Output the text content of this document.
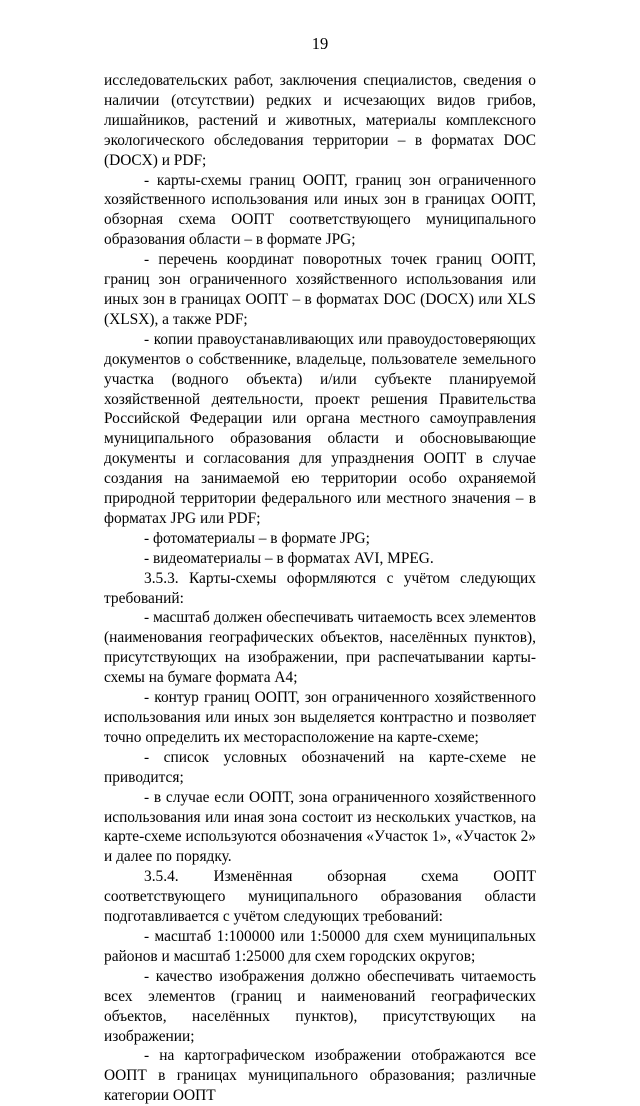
19

исследовательских работ, заключения специалистов, сведения о наличии (отсутствии) редких и исчезающих видов грибов, лишайников, растений и животных, материалы комплексного экологического обследования территории – в форматах DOC (DOCX) и PDF;

- карты-схемы границ ООПТ, границ зон ограниченного хозяйственного использования или иных зон в границах ООПТ, обзорная схема ООПТ соответствующего муниципального образования области – в формате JPG;

- перечень координат поворотных точек границ ООПТ, границ зон ограниченного хозяйственного использования или иных зон в границах ООПТ – в форматах DOC (DOCX) или XLS (XLSX), а также PDF;

- копии правоустанавливающих или правоудостоверяющих документов о собственнике, владельце, пользователе земельного участка (водного объекта) и/или субъекте планируемой хозяйственной деятельности, проект решения Правительства Российской Федерации или органа местного самоуправления муниципального образования области и обосновывающие документы и согласования для упразднения ООПТ в случае создания на занимаемой ею территории особо охраняемой природной территории федерального или местного значения – в форматах JPG или PDF;

- фотоматериалы – в формате JPG;

- видеоматериалы – в форматах AVI, MPEG.

3.5.3. Карты-схемы оформляются с учётом следующих требований:

- масштаб должен обеспечивать читаемость всех элементов (наименования географических объектов, населённых пунктов), присутствующих на изображении, при распечатывании карты-схемы на бумаге формата А4;

- контур границ ООПТ, зон ограниченного хозяйственного использования или иных зон выделяется контрастно и позволяет точно определить их месторасположение на карте-схеме;

- список условных обозначений на карте-схеме не приводится;

- в случае если ООПТ, зона ограниченного хозяйственного использования или иная зона состоит из нескольких участков, на карте-схеме используются обозначения «Участок 1», «Участок 2» и далее по порядку.

3.5.4. Изменённая обзорная схема ООПТ соответствующего муниципального образования области подготавливается с учётом следующих требований:

- масштаб 1:100000 или 1:50000 для схем муниципальных районов и масштаб 1:25000 для схем городских округов;

- качество изображения должно обеспечивать читаемость всех элементов (границ и наименований географических объектов, населённых пунктов), присутствующих на изображении;

- на картографическом изображении отображаются все ООПТ в границах муниципального образования; различные категории ООПТ
